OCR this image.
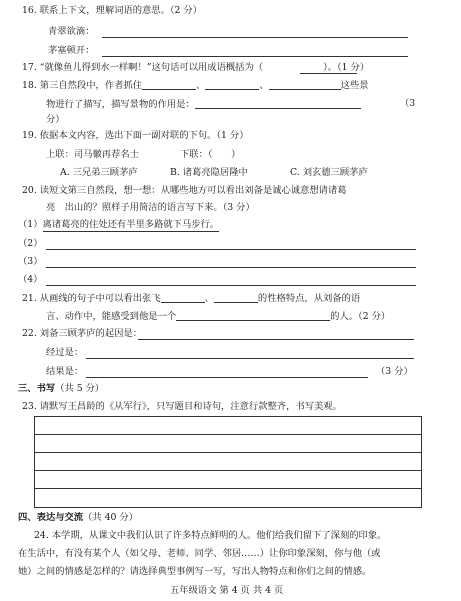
16. 联系上下文，理解词语的意思。（2 分）
青翠欲滴：
茅塞顿开：
17. “就像鱼儿得到水一样啊！”这句话可以用成语概括为（	）。（1 分）
18. 第三自然段中，作者抓住	、	、	这些景
物进行了描写，描写景物的作用是：	（3
分）
19. 依据本文内容，选出下面一副对联的下句。（1 分）
上联：司马徽再荐名士	下联：（　　）
A. 三兄弟三顾茅庐	B. 诸葛亮隐居隆中	C. 刘玄德三顾茅庐
20. 读短文第三自然段，想一想：从哪些地方可以看出刘备是诚心诚意想请诸葛
亮　出山的？照样子用简洁的语言写下来。（3 分）
（1）离诸葛亮的住处还有半里多路就下马步行。
（2）
（3）
（4）
21. 从画线的句子中可以看出张飞	、	的性格特点，从刘备的语
言、动作中，能感受到他是一个	的人。（2 分）
22. 刘备三顾茅庐的起因是：
经过是：
结果是：	（3 分）
三、书写（共 5 分）
23. 请默写王昌龄的《从军行》，只写题目和诗句，注意行款整齐，书写美观。
四、表达与交流（共 40 分）
24. 本学期，从课文中我们认识了许多特点鲜明的人。他们给我们留下了深刻的印象。
在生活中，有没有某个人（如父母、老师、同学、邻居……）让你印象深刻，你与他（或
她）之间的情感是怎样的？请选择典型事例写一写，写出人物特点和你们之间的情感。
五年级语文 第 4 页 共 4 页
